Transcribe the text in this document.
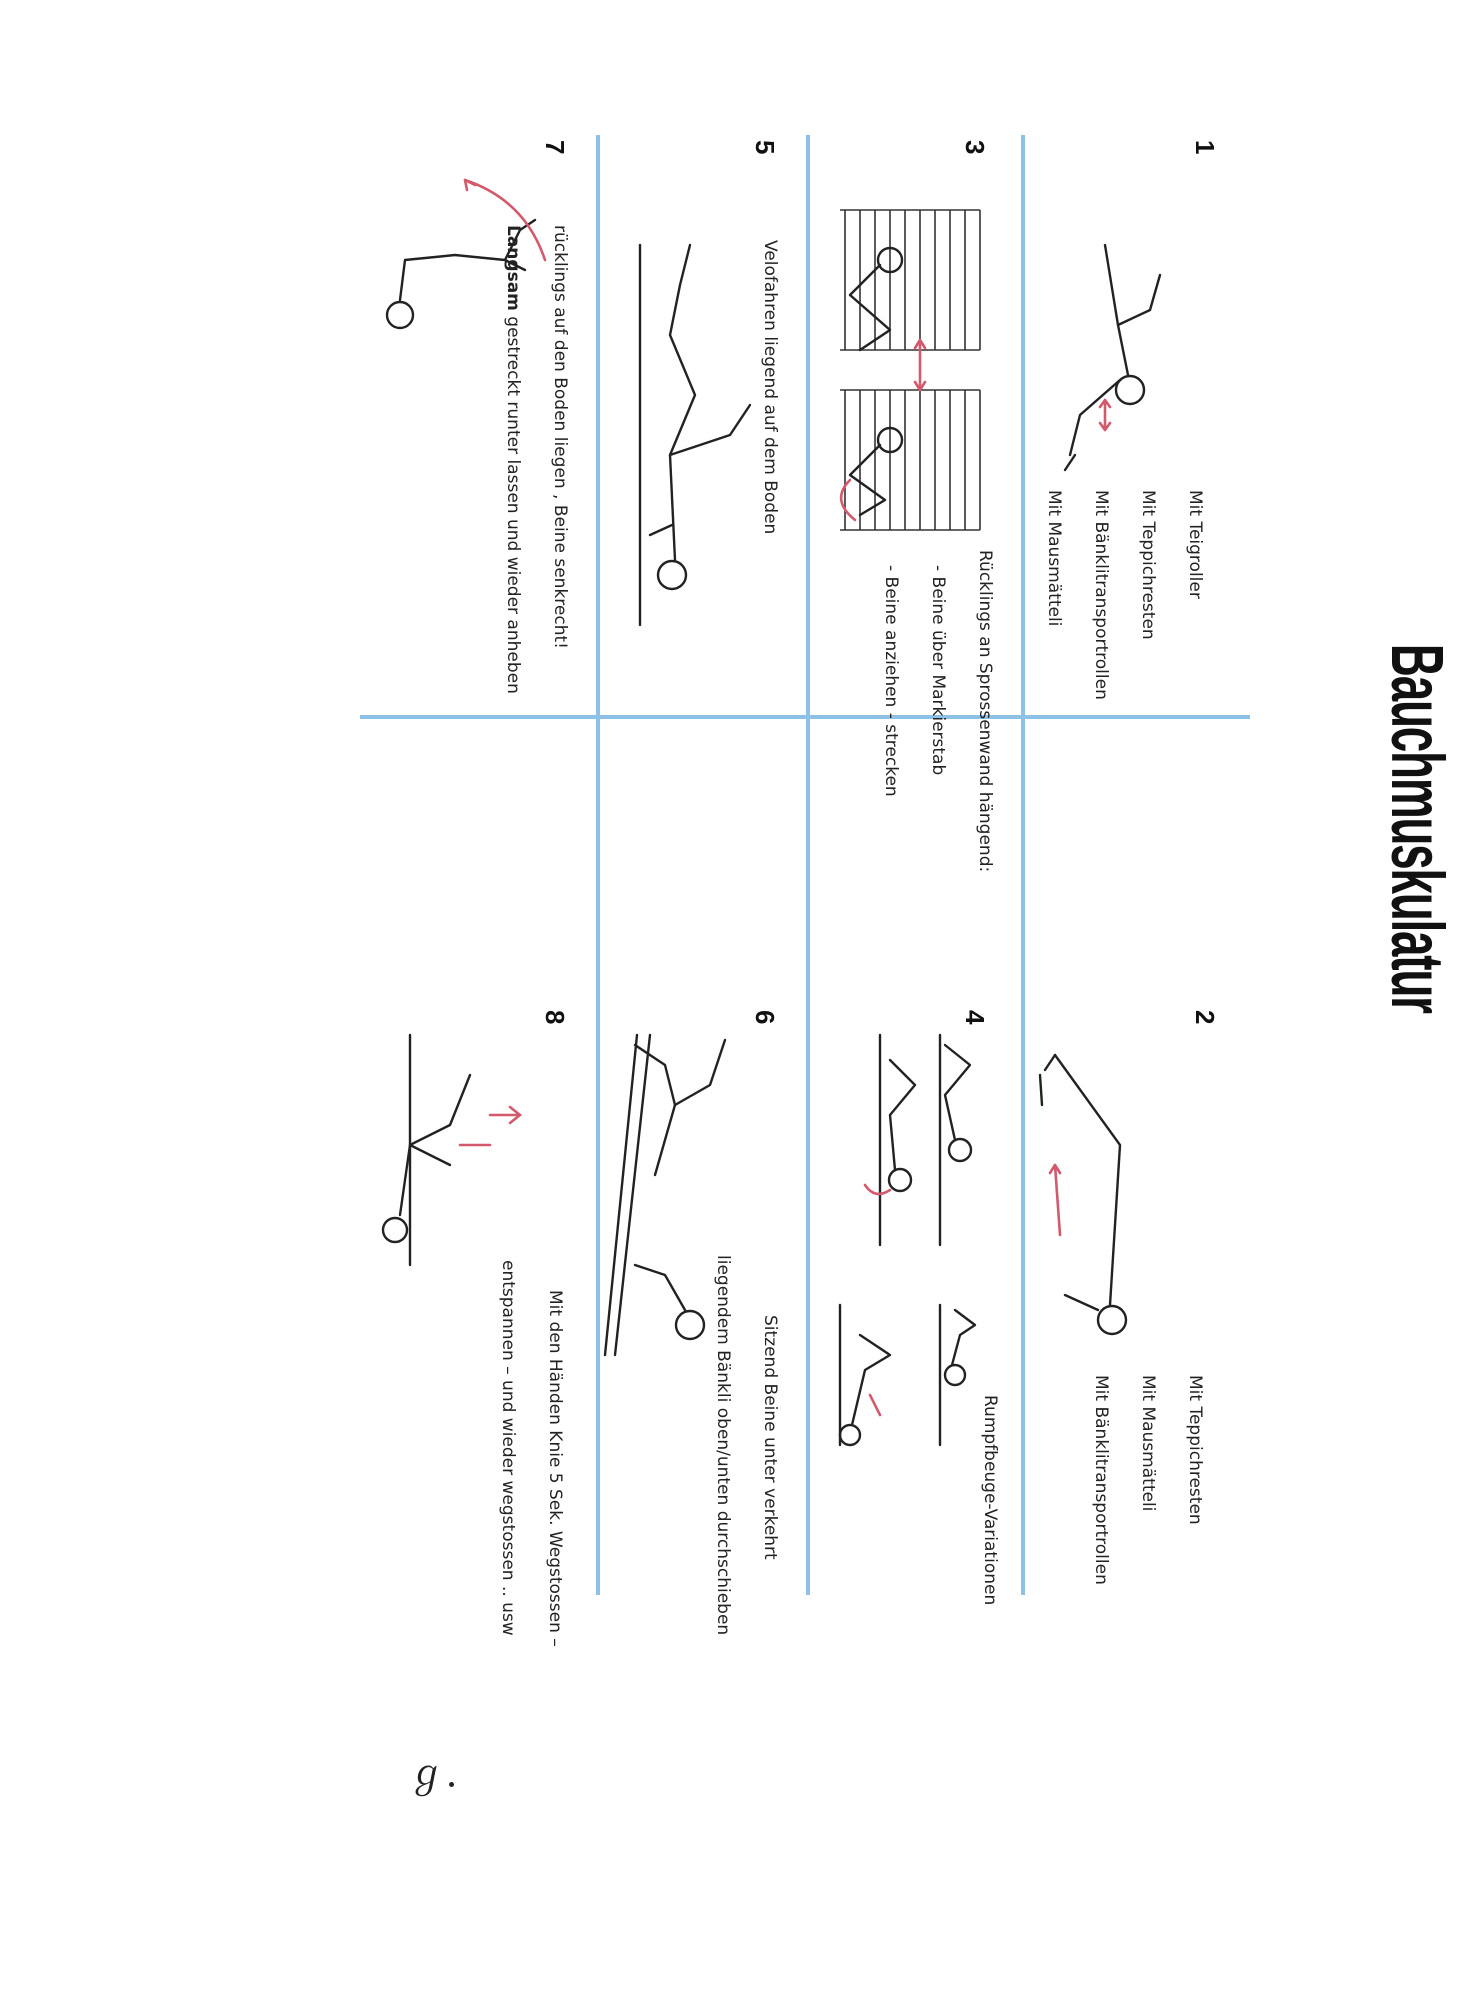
Bauchmuskulatur
1

Mit Teigroller

Mit Teppichresten

Mit Bänklitransportrollen

Mit Mausmätteli

2

Mit Teppichresten

Mit Mausmätteli

Mit Bänklitransportrollen

3

Rücklings an Sprossenwand hängend:

- Beine über Markierstab

- Beine anziehen - strecken

4

Rumpfbeuge-Variationen

5

Velofahren liegend auf dem Boden

6

Sitzend Beine unter verkehrt

liegendem Bänkli oben/unten durchschieben

7

rücklings auf den Boden liegen , Beine senkrecht!

Langsam gestreckt runter lassen und wieder anheben

8

Mit den Händen Knie 5 Sek. Wegstossen –

entspannen – und wieder wegstossen .. usw

ℊ.
